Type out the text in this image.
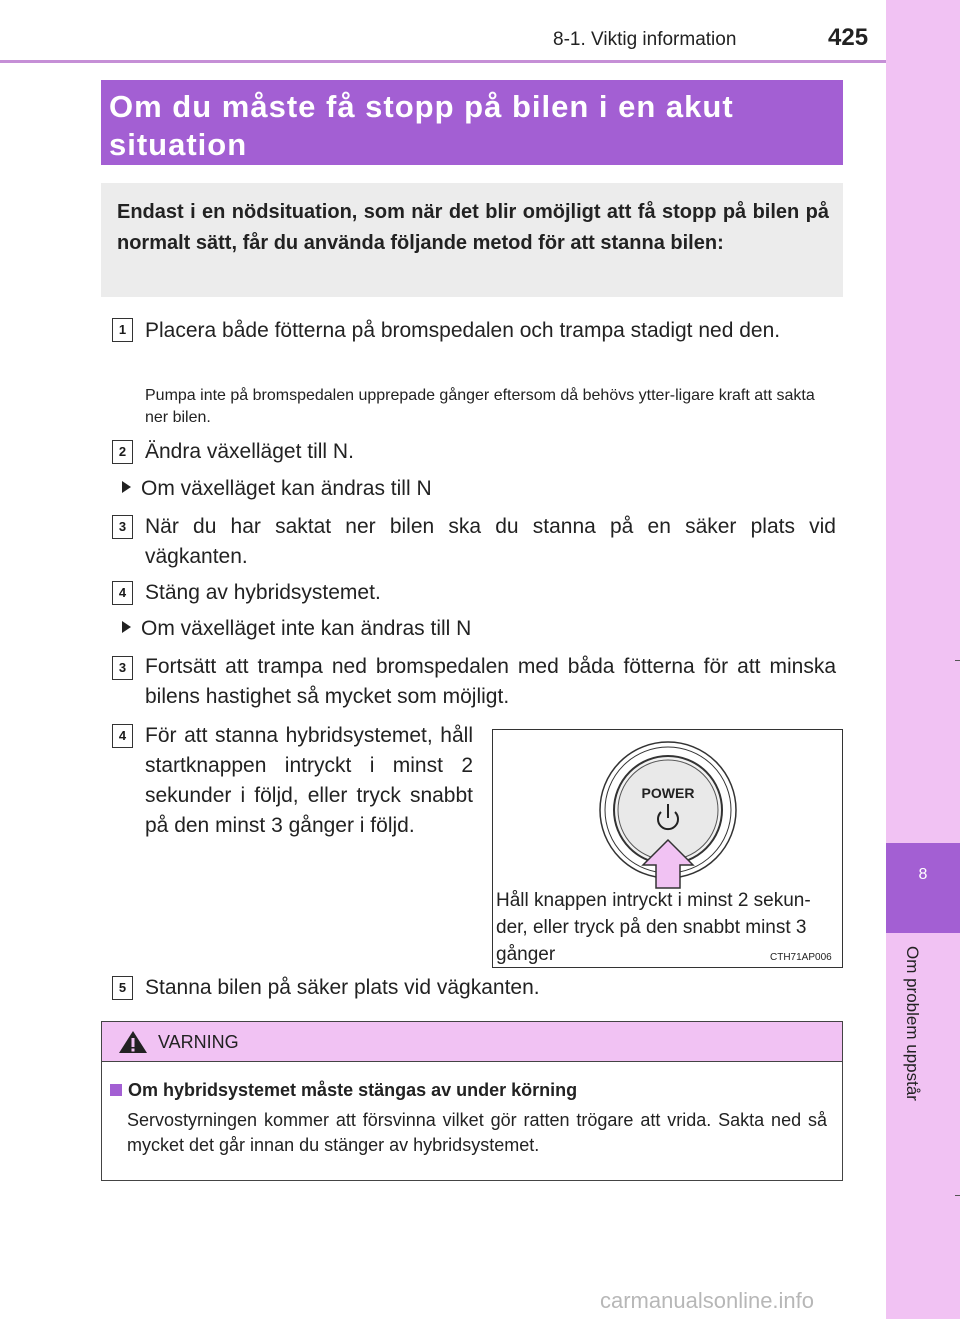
8-1. Viktig information	425
8
Om problem uppstår
Om du måste få stopp på bilen i en akut situation

Endast i en nödsituation, som när det blir omöjligt att få stopp på bilen på normalt sätt, får du använda följande metod för att stanna bilen:

1 Placera både fötterna på bromspedalen och trampa stadigt ned den.
Pumpa inte på bromspedalen upprepade gånger eftersom då behövs ytter-ligare kraft att sakta ner bilen.
2 Ändra växelläget till N.
Om växelläget kan ändras till N
3 När du har saktat ner bilen ska du stanna på en säker plats vid vägkanten.
4 Stäng av hybridsystemet.
Om växelläget inte kan ändras till N
3 Fortsätt att trampa ned bromspedalen med båda fötterna för att minska bilens hastighet så mycket som möjligt.
4 För att stanna hybridsystemet, håll startknappen intryckt i minst 2 sekunder i följd, eller tryck snabbt på den minst 3 gånger i följd.
POWER
Håll knappen intryckt i minst 2 sekun-der, eller tryck på den snabbt minst 3 gånger	CTH71AP006
5 Stanna bilen på säker plats vid vägkanten.
VARNING
Om hybridsystemet måste stängas av under körning
Servostyrningen kommer att försvinna vilket gör ratten trögare att vrida. Sakta ned så mycket det går innan du stänger av hybridsystemet.
carmanualsonline.info
